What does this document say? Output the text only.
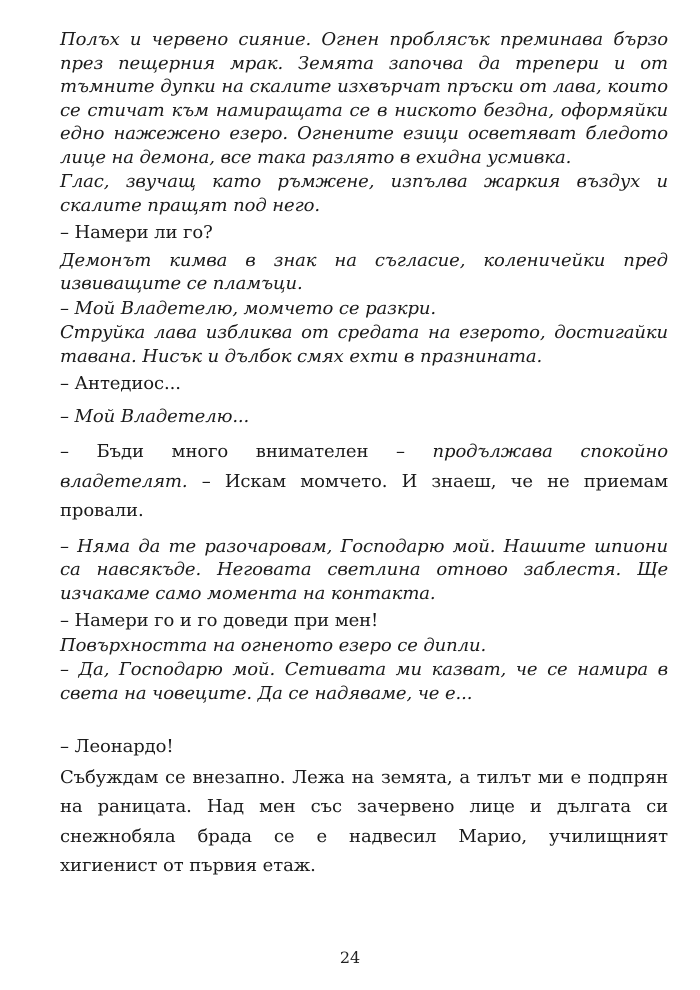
Полъх и червено сияние. Огнен проблясък преминава бързо през пещерния мрак. Земята започва да трепери и от тъмните дупки на скалите изхвърчат пръски от лава, които се стичат към намиращата се в ниското бездна, оформяйки едно нажежено езеро. Огнените езици осветяват бледото лице на демона, все така разлято в ехидна усмивка.

Глас, звучащ като ръмжене, изпълва жаркия въздух и скалите пращят под него.

– Намери ли го?

Демонът кимва в знак на съгласие, коленичейки пред извиващите се пламъци.

– Мой Владетелю, момчето се разкри.

Струйка лава избликва от средата на езерото, достигайки тавана. Нисък и дълбок смях ехти в празнината.

– Антедиос...

– Мой Владетелю...

– Бъди много внимателен – продължава спокойно владетелят. – Искам момчето. И знаеш, че не приемам провали.

– Няма да те разочаровам, Господарю мой. Нашите шпиони са навсякъде. Неговата светлина отново заблестя. Ще изчакаме само момента на контакта.

– Намери го и го доведи при мен!

Повърхността на огненото езеро се дипли.

– Да, Господарю мой. Сетивата ми казват, че се намира в света на човеците. Да се надяваме, че е...

– Леонардо!

Събуждам се внезапно. Лежа на земята, а тилът ми е подпрян на раницата. Над мен със зачервено лице и дългата си снежнобяла брада се е надвесил Марио, училищният хигиенист от първия етаж.

24
